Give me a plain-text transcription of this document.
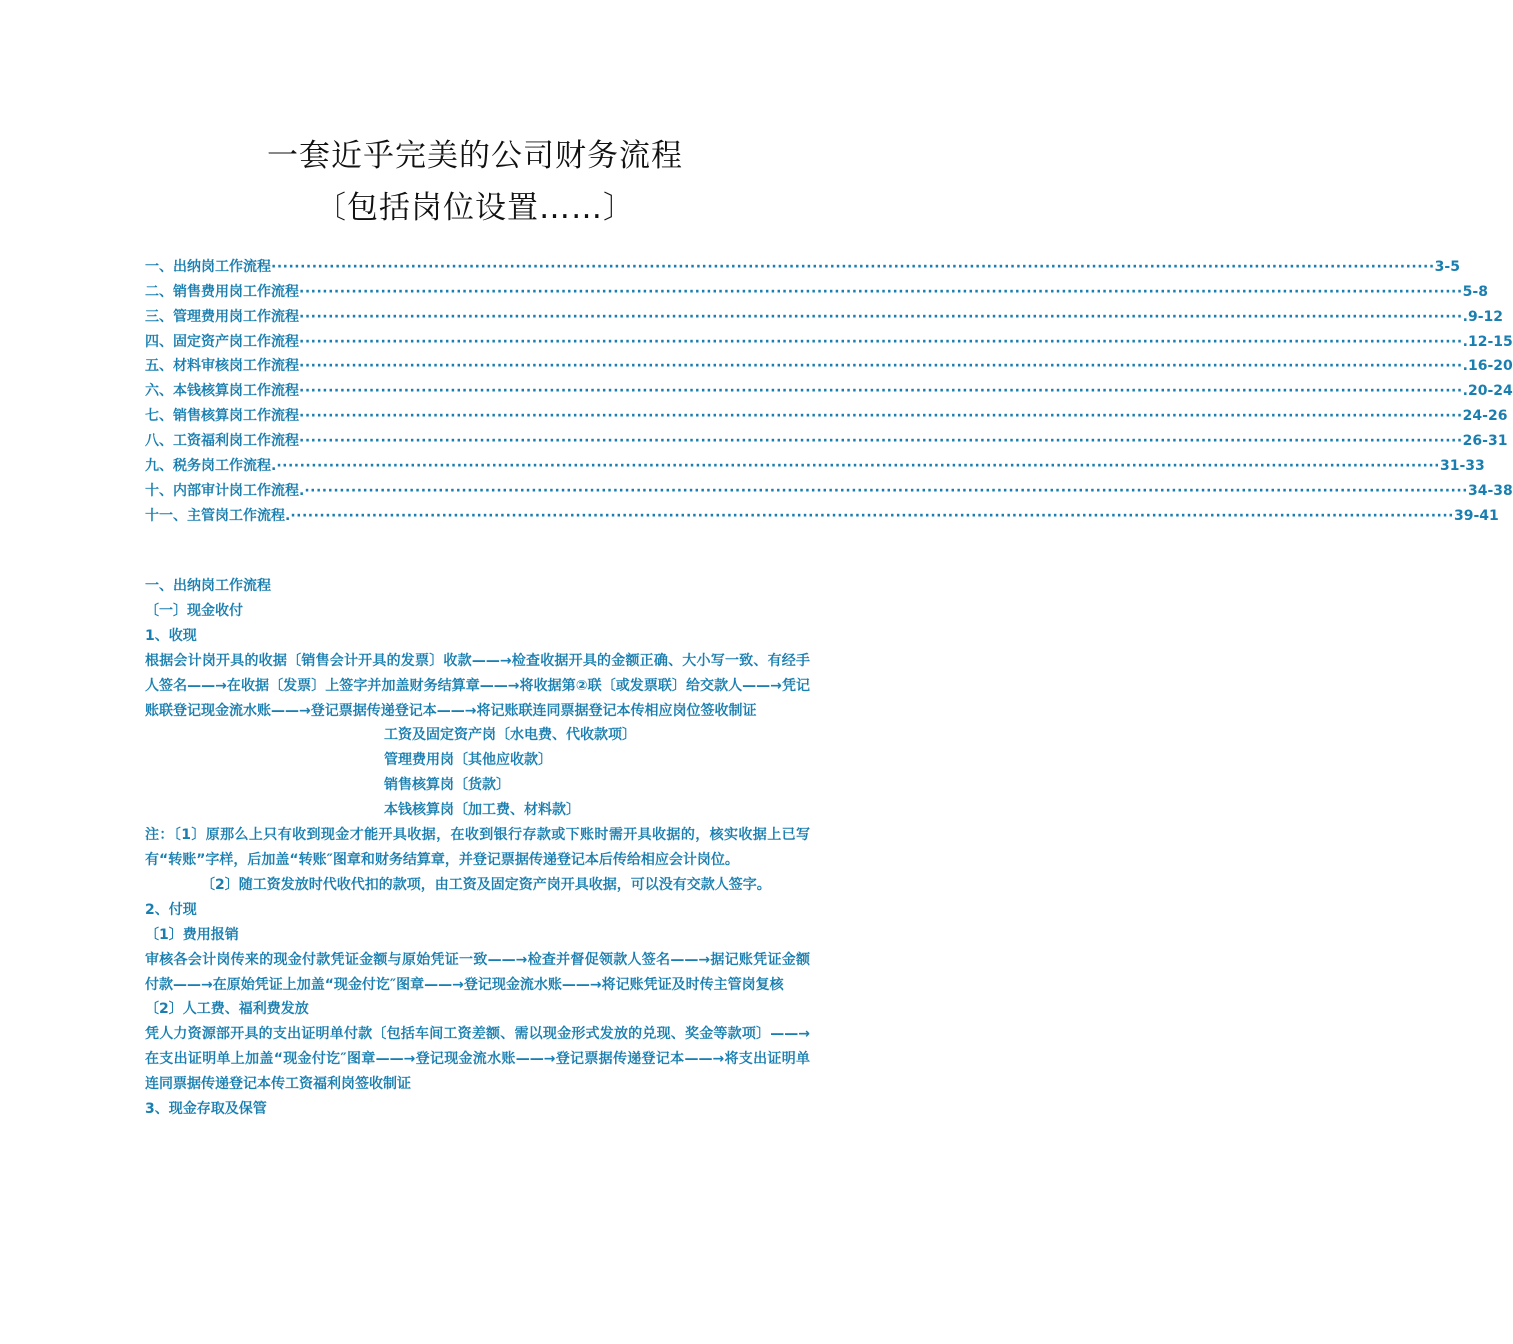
一套近乎完美的公司财务流程
〔包括岗位设置……〕
一、出纳岗工作流程 ········································································································································································································ 3-5
二、销售费用岗工作流程 ········································································································································································································ 5-8
三、管理费用岗工作流程 ········································································································································································································ .9-12
四、固定资产岗工作流程 ········································································································································································································ .12-15
五、材料审核岗工作流程 ········································································································································································································ .16-20
六、本钱核算岗工作流程 ········································································································································································································ .20-24
七、销售核算岗工作流程 ········································································································································································································ 24-26
八、工资福利岗工作流程 ········································································································································································································ 26-31
九、税务岗工作流程. ········································································································································································································ 31-33
十、内部审计岗工作流程. ········································································································································································································ 34-38
十一、主管岗工作流程. ········································································································································································································ 39-41
一、出纳岗工作流程
〔一〕现金收付
1、收现
根据会计岗开具的收据〔销售会计开具的发票〕收款——→检查收据开具的金额正确、大小写一致、有经手人签名——→在收据〔发票〕上签字并加盖财务结算章——→将收据第②联〔或发票联〕给交款人——→凭记账联登记现金流水账——→登记票据传递登记本——→将记账联连同票据登记本传相应岗位签收制证
工资及固定资产岗〔水电费、代收款项〕
管理费用岗〔其他应收款〕
销售核算岗〔货款〕
本钱核算岗〔加工费、材料款〕
注：〔1〕原那么上只有收到现金才能开具收据，在收到银行存款或下账时需开具收据的，核实收据上已写有“转账”字样，后加盖“转账″图章和财务结算章，并登记票据传递登记本后传给相应会计岗位。
〔2〕随工资发放时代收代扣的款项，由工资及固定资产岗开具收据，可以没有交款人签字。
2、付现
〔1〕费用报销
审核各会计岗传来的现金付款凭证金额与原始凭证一致——→检查并督促领款人签名——→据记账凭证金额付款——→在原始凭证上加盖“现金付讫″图章——→登记现金流水账——→将记账凭证及时传主管岗复核
〔2〕人工费、福利费发放
凭人力资源部开具的支出证明单付款〔包括车间工资差额、需以现金形式发放的兑现、奖金等款项〕——→在支出证明单上加盖“现金付讫″图章——→登记现金流水账——→登记票据传递登记本——→将支出证明单连同票据传递登记本传工资福利岗签收制证
3、现金存取及保管
